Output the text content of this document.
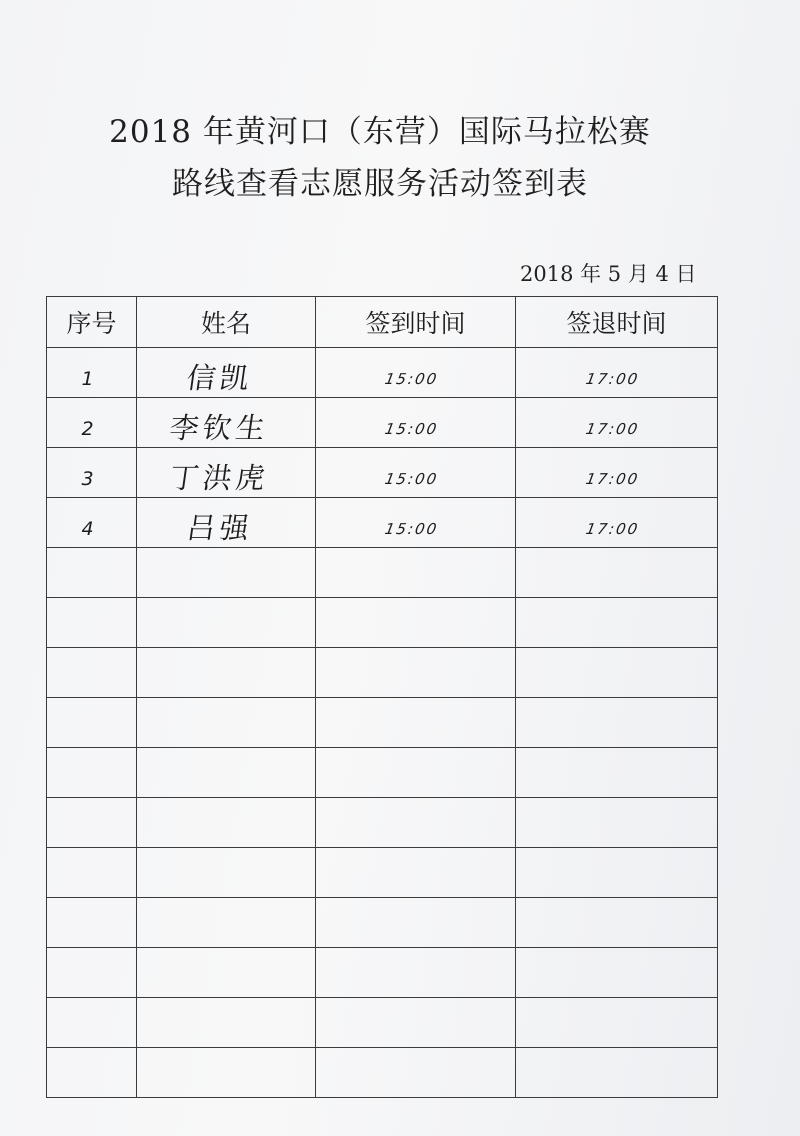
2018 年黄河口（东营）国际马拉松赛
路线查看志愿服务活动签到表
2018 年 5 月 4 日
序号	姓名	签到时间	签退时间
1	信凯	15:00	17:00
2	李钦生	15:00	17:00
3	丁洪虎	15:00	17:00
4	吕强	15:00	17:00
